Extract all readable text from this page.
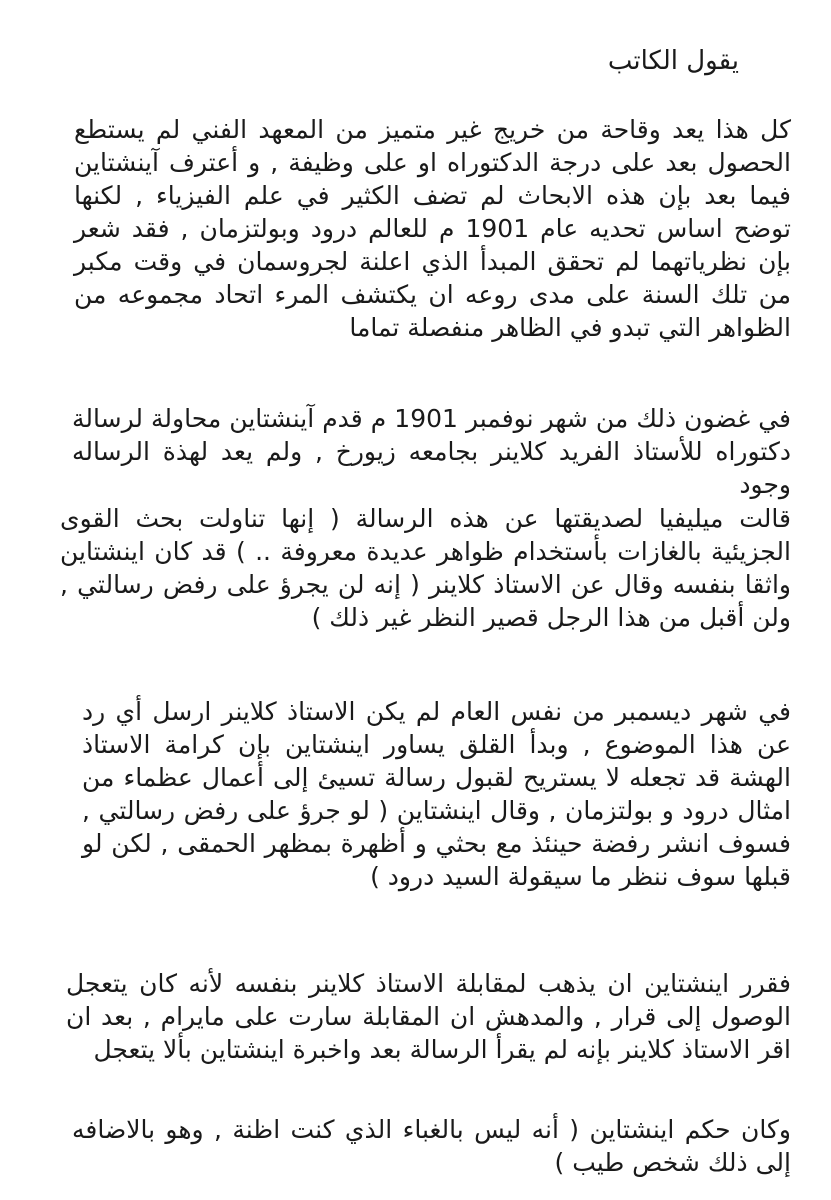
يقول الكاتب

كل هذا يعد وقاحة من خريج غير متميز من المعهد الفني لم يستطع الحصول بعد على درجة الدكتوراه او على وظيفة , و أعترف آينشتاين فيما بعد بإن هذه الابحاث لم تضف الكثير في علم الفيزياء , لكنها توضح اساس تحديه عام 1901 م للعالم درود وبولتزمان , فقد شعر بإن نظرياتهما لم تحقق المبدأ الذي اعلنة لجروسمان في وقت مكبر من تلك السنة على مدى روعه ان يكتشف المرء اتحاد مجموعه من الظواهر التي تبدو في الظاهر منفصلة تماما

في غضون ذلك من شهر نوفمبر 1901 م قدم آينشتاين محاولة لرسالة دكتوراه للأستاذ الفريد كلاينر بجامعه زيورخ , ولم يعد لهذة الرساله وجود

قالت ميليفيا لصديقتها عن هذه الرسالة ( إنها تناولت بحث القوى الجزيئية بالغازات بأستخدام ظواهر عديدة معروفة .. ) قد كان اينشتاين واثقا بنفسه وقال عن الاستاذ كلاينر ( إنه لن يجرؤ على رفض رسالتي , ولن أقبل من هذا الرجل قصير النظر غير ذلك )

في شهر ديسمبر من نفس العام لم يكن الاستاذ كلاينر ارسل أي رد عن هذا الموضوع , وبدأ القلق يساور اينشتاين بإن كرامة الاستاذ الهشة قد تجعله لا يستريح لقبول رسالة تسيئ إلى أعمال عظماء من امثال درود و بولتزمان , وقال اينشتاين ( لو جرؤ على رفض رسالتي , فسوف انشر رفضة حينئذ مع بحثي و أظهرة بمظهر الحمقى , لكن لو قبلها سوف ننظر ما سيقولة السيد درود )

فقرر اينشتاين ان يذهب لمقابلة الاستاذ كلاينر بنفسه لأنه كان يتعجل الوصول إلى قرار , والمدهش ان المقابلة سارت على مايرام , بعد ان اقر الاستاذ كلاينر بإنه لم يقرأ الرسالة بعد واخبرة اينشتاين بألا يتعجل

وكان حكم اينشتاين ( أنه ليس بالغباء الذي كنت اظنة , وهو بالاضافه إلى ذلك شخص طيب )
